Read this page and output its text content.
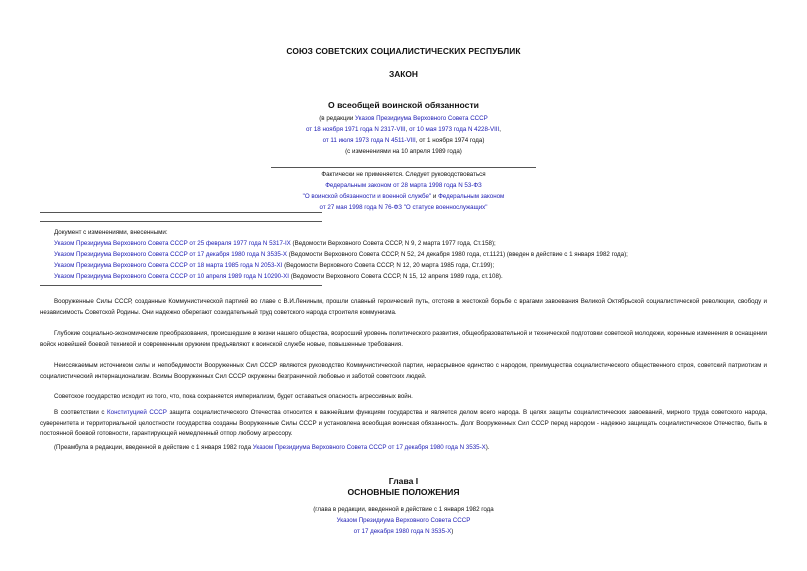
СОЮЗ СОВЕТСКИХ СОЦИАЛИСТИЧЕСКИХ РЕСПУБЛИК
ЗАКОН
О всеобщей воинской обязанности
(в редакции Указов Президиума Верховного Совета СССР
от 18 ноября 1971 года N 2317-VIII, от 10 мая 1973 года N 4228-VIII,
от 11 июля 1973 года N 4511-VIII, от 1 ноября 1974 года)
(с изменениями на 10 апреля 1989 года)
Фактически не применяется. Следует руководствоваться
Федеральным законом от 28 марта 1998 года N 53-ФЗ
"О воинской обязанности и военной службе" и Федеральным законом
от 27 мая 1998 года N 76-ФЗ "О статусе военнослужащих"
Документ с изменениями, внесенными:
Указом Президиума Верховного Совета СССР от 25 февраля 1977 года N 5317-IX (Ведомости Верховного Совета СССР, N 9, 2 марта 1977 года, Ст.158);
Указом Президиума Верховного Совета СССР от 17 декабря 1980 года N 3535-X (Ведомости Верховного Совета СССР, N 52, 24 декабря 1980 года, ст.1121) (введен в действие с 1 января 1982 года);
Указом Президиума Верховного Совета СССР от 18 марта 1985 года N 2053-XI (Ведомости Верховного Совета СССР, N 12, 20 марта 1985 года, Ст.199);
Указом Президиума Верховного Совета СССР от 10 апреля 1989 года N 10290-XI (Ведомости Верховного Совета СССР, N 15, 12 апреля 1989 года, ст.108).
Вооруженные Силы СССР, созданные Коммунистической партией во главе с В.И.Лениным, прошли славный героический путь, отстояв в жестокой борьбе с врагами завоевания Великой Октябрьской социалистической революции, свободу и независимость Советской Родины. Они надежно оберегают созидательный труд советского народа строителя коммунизма.
Глубокие социально-экономические преобразования, происшедшие в жизни нашего общества, возросший уровень политического развития, общеобразовательной и технической подготовки советской молодежи, коренные изменения в оснащении войск новейшей боевой техникой и современным оружием предъявляют к воинской службе новые, повышенные требования.
Неиссякаемым источником силы и непобедимости Вооруженных Сил СССР являются руководство Коммунистической партии, нерасрывное единство с народом, преимущества социалистического общественного строя, советский патриотизм и социалистический интернационализм. Всимы Вооруженных Сил СССР окружены безграничной любовью и заботой советских людей.
Советское государство исходит из того, что, пока сохраняется империализм, будет оставаться опасность агрессивных войн.
В соответствии с Конституцией СССР защита социалистического Отечества относится к важнейшим функциям государства и является делом всего народа. В целях защиты социалистических завоеваний, мирного труда советского народа, суверенитета и территориальной целостности государства созданы Вооруженные Силы СССР и установлена всеобщая воинская обязанность. Долг Вооруженных Сил СССР перед народом - надежно защищать социалистическое Отечество, быть в постоянной боевой готовности, гарантирующей немедленный отпор любому агрессору.
(Преамбула в редакции, введенной в действие с 1 января 1982 года Указом Президиума Верховного Совета СССР от 17 декабря 1980 года N 3535-X).
Глава I
ОСНОВНЫЕ ПОЛОЖЕНИЯ
(глава в редакции, введенной в действие с 1 января 1982 года
Указом Президиума Верховного Совета СССР
от 17 декабря 1980 года N 3535-X)
